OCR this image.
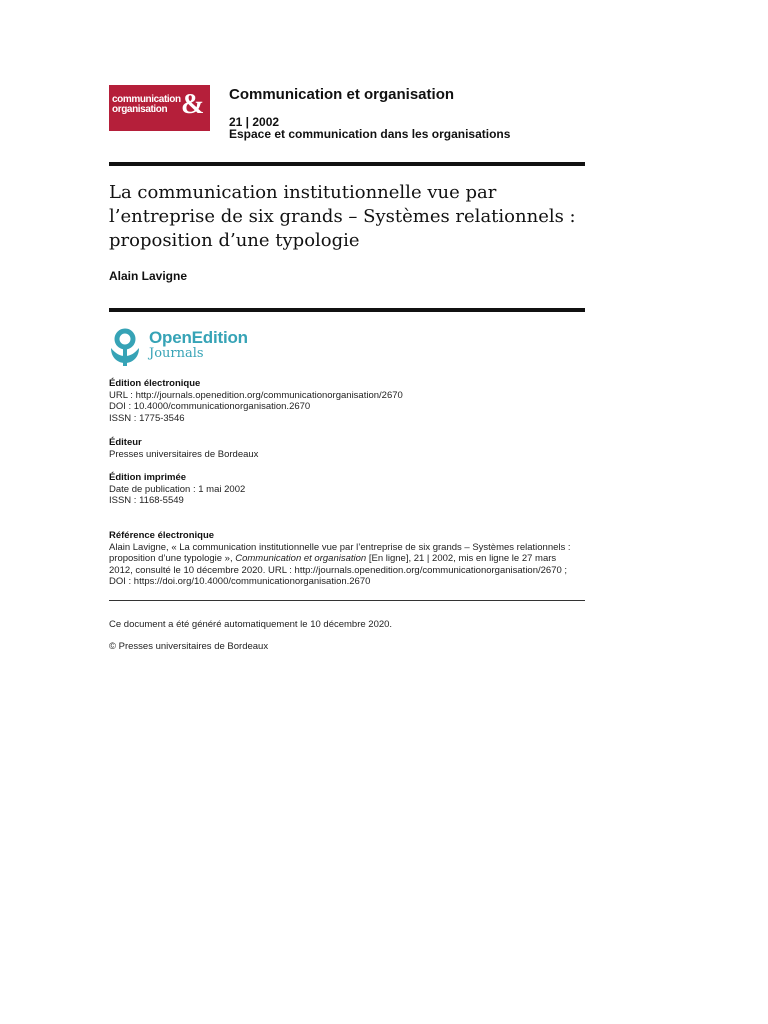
communication
organisation & Communication et organisation
21 | 2002
Espace et communication dans les organisations
La communication institutionnelle vue par l’entreprise de six grands – Systèmes relationnels : proposition d’une typologie
Alain Lavigne
OpenEdition
Journals
Édition électronique
URL : http://journals.openedition.org/communicationorganisation/2670
DOI : 10.4000/communicationorganisation.2670
ISSN : 1775-3546
Éditeur
Presses universitaires de Bordeaux
Édition imprimée
Date de publication : 1 mai 2002
ISSN : 1168-5549
Référence électronique
Alain Lavigne, « La communication institutionnelle vue par l’entreprise de six grands – Systèmes relationnels : proposition d’une typologie », Communication et organisation [En ligne], 21 | 2002, mis en ligne le 27 mars 2012, consulté le 10 décembre 2020. URL : http://journals.openedition.org/communicationorganisation/2670 ; DOI : https://doi.org/10.4000/communicationorganisation.2670
Ce document a été généré automatiquement le 10 décembre 2020.
© Presses universitaires de Bordeaux
